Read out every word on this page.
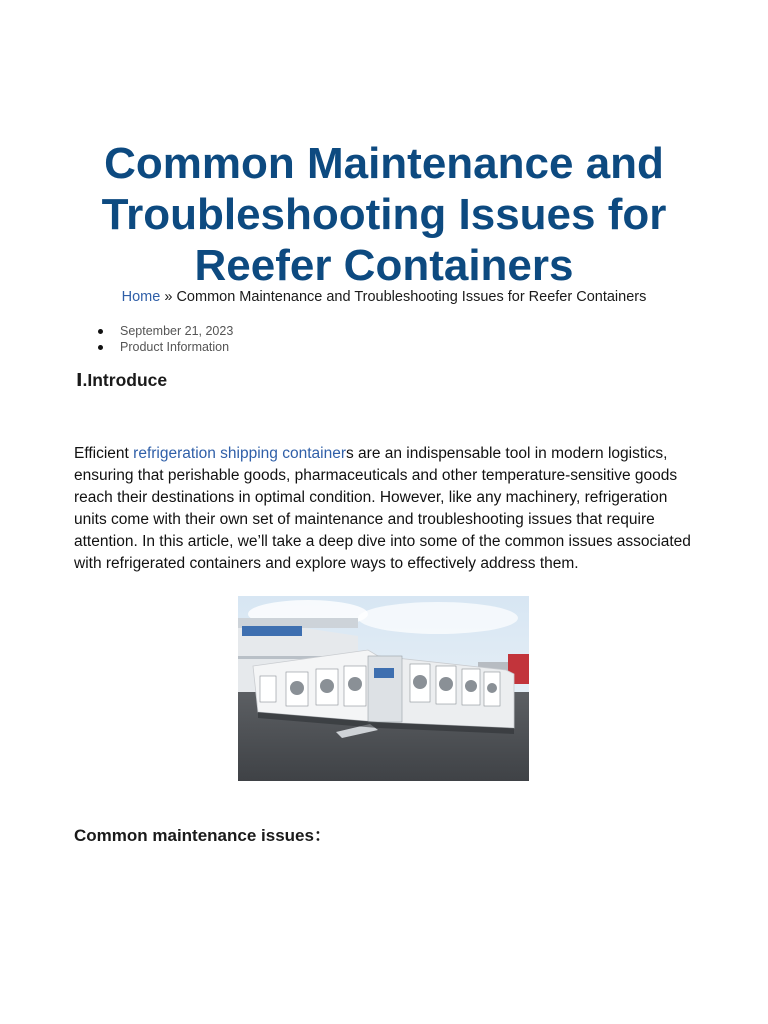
Common Maintenance and
Troubleshooting Issues for
Reefer Containers
Home » Common Maintenance and Troubleshooting Issues for Reefer Containers
September 21, 2023
Product Information
Ⅰ.Introduce

Efficient refrigeration shipping containers are an indispensable tool in modern logistics, ensuring that perishable goods, pharmaceuticals and other temperature-sensitive goods reach their destinations in optimal condition. However, like any machinery, refrigeration units come with their own set of maintenance and troubleshooting issues that require attention. In this article, we’ll take a deep dive into some of the common issues associated with refrigerated containers and explore ways to effectively address them.

Common maintenance issues：
